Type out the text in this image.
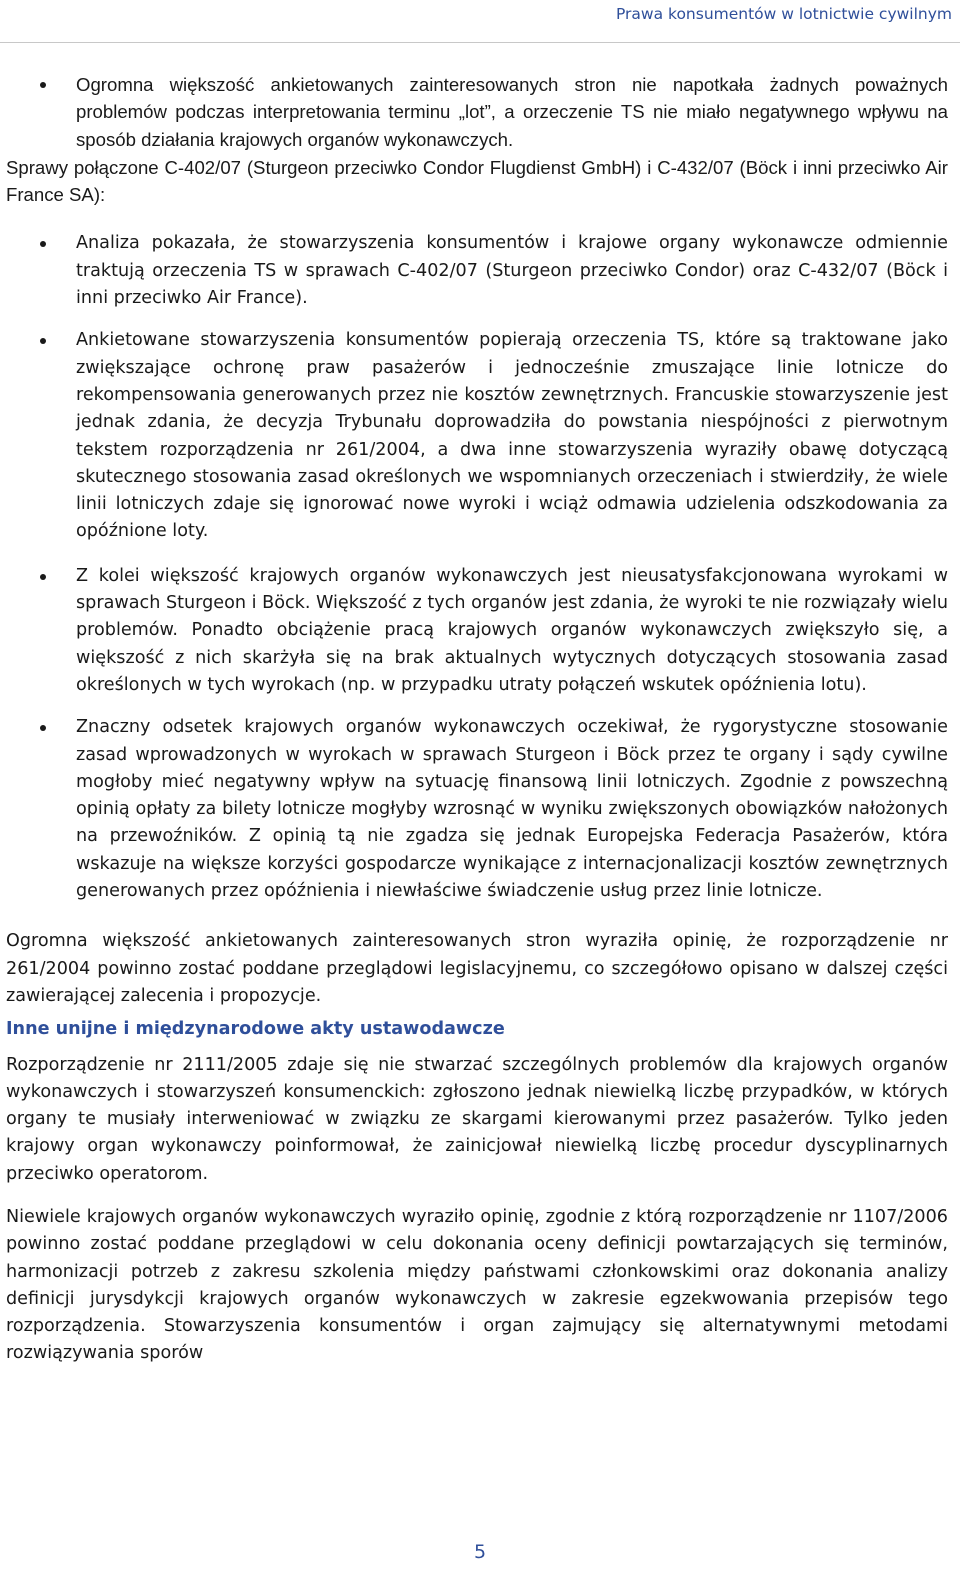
Prawa konsumentów w lotnictwie cywilnym
Ogromna większość ankietowanych zainteresowanych stron nie napotkała żadnych poważnych problemów podczas interpretowania terminu „lot”, a orzeczenie TS nie miało negatywnego wpływu na sposób działania krajowych organów wykonawczych.

Sprawy połączone C-402/07 (Sturgeon przeciwko Condor Flugdienst GmbH) i C-432/07 (Böck i inni przeciwko Air France SA):

Analiza pokazała, że stowarzyszenia konsumentów i krajowe organy wykonawcze odmiennie traktują orzeczenia TS w sprawach C-402/07 (Sturgeon przeciwko Condor) oraz C-432/07 (Böck i inni przeciwko Air France).
Ankietowane stowarzyszenia konsumentów popierają orzeczenia TS, które są traktowane jako zwiększające ochronę praw pasażerów i jednocześnie zmuszające linie lotnicze do rekompensowania generowanych przez nie kosztów zewnętrznych. Francuskie stowarzyszenie jest jednak zdania, że decyzja Trybunału doprowadziła do powstania niespójności z pierwotnym tekstem rozporządzenia nr 261/2004, a dwa inne stowarzyszenia wyraziły obawę dotyczącą skutecznego stosowania zasad określonych we wspomnianych orzeczeniach i stwierdziły, że wiele linii lotniczych zdaje się ignorować nowe wyroki i wciąż odmawia udzielenia odszkodowania za opóźnione loty.
Z kolei większość krajowych organów wykonawczych jest nieusatysfakcjonowana wyrokami w sprawach Sturgeon i Böck. Większość z tych organów jest zdania, że wyroki te nie rozwiązały wielu problemów. Ponadto obciążenie pracą krajowych organów wykonawczych zwiększyło się, a większość z nich skarżyła się na brak aktualnych wytycznych dotyczących stosowania zasad określonych w tych wyrokach (np. w przypadku utraty połączeń wskutek opóźnienia lotu).
Znaczny odsetek krajowych organów wykonawczych oczekiwał, że rygorystyczne stosowanie zasad wprowadzonych w wyrokach w sprawach Sturgeon i Böck przez te organy i sądy cywilne mogłoby mieć negatywny wpływ na sytuację finansową linii lotniczych. Zgodnie z powszechną opinią opłaty za bilety lotnicze mogłyby wzrosnąć w wyniku zwiększonych obowiązków nałożonych na przewoźników. Z opinią tą nie zgadza się jednak Europejska Federacja Pasażerów, która wskazuje na większe korzyści gospodarcze wynikające z internacjonalizacji kosztów zewnętrznych generowanych przez opóźnienia i niewłaściwe świadczenie usług przez linie lotnicze.

Ogromna większość ankietowanych zainteresowanych stron wyraziła opinię, że rozporządzenie nr 261/2004 powinno zostać poddane przeglądowi legislacyjnemu, co szczegółowo opisano w dalszej części zawierającej zalecenia i propozycje.

Inne unijne i międzynarodowe akty ustawodawcze

Rozporządzenie nr 2111/2005 zdaje się nie stwarzać szczególnych problemów dla krajowych organów wykonawczych i stowarzyszeń konsumenckich: zgłoszono jednak niewielką liczbę przypadków, w których organy te musiały interweniować w związku ze skargami kierowanymi przez pasażerów. Tylko jeden krajowy organ wykonawczy poinformował, że zainicjował niewielką liczbę procedur dyscyplinarnych przeciwko operatorom.

Niewiele krajowych organów wykonawczych wyraziło opinię, zgodnie z którą rozporządzenie nr 1107/2006 powinno zostać poddane przeglądowi w celu dokonania oceny definicji powtarzających się terminów, harmonizacji potrzeb z zakresu szkolenia między państwami członkowskimi oraz dokonania analizy definicji jurysdykcji krajowych organów wykonawczych w zakresie egzekwowania przepisów tego rozporządzenia. Stowarzyszenia konsumentów i organ zajmujący się alternatywnymi metodami rozwiązywania sporów

5
